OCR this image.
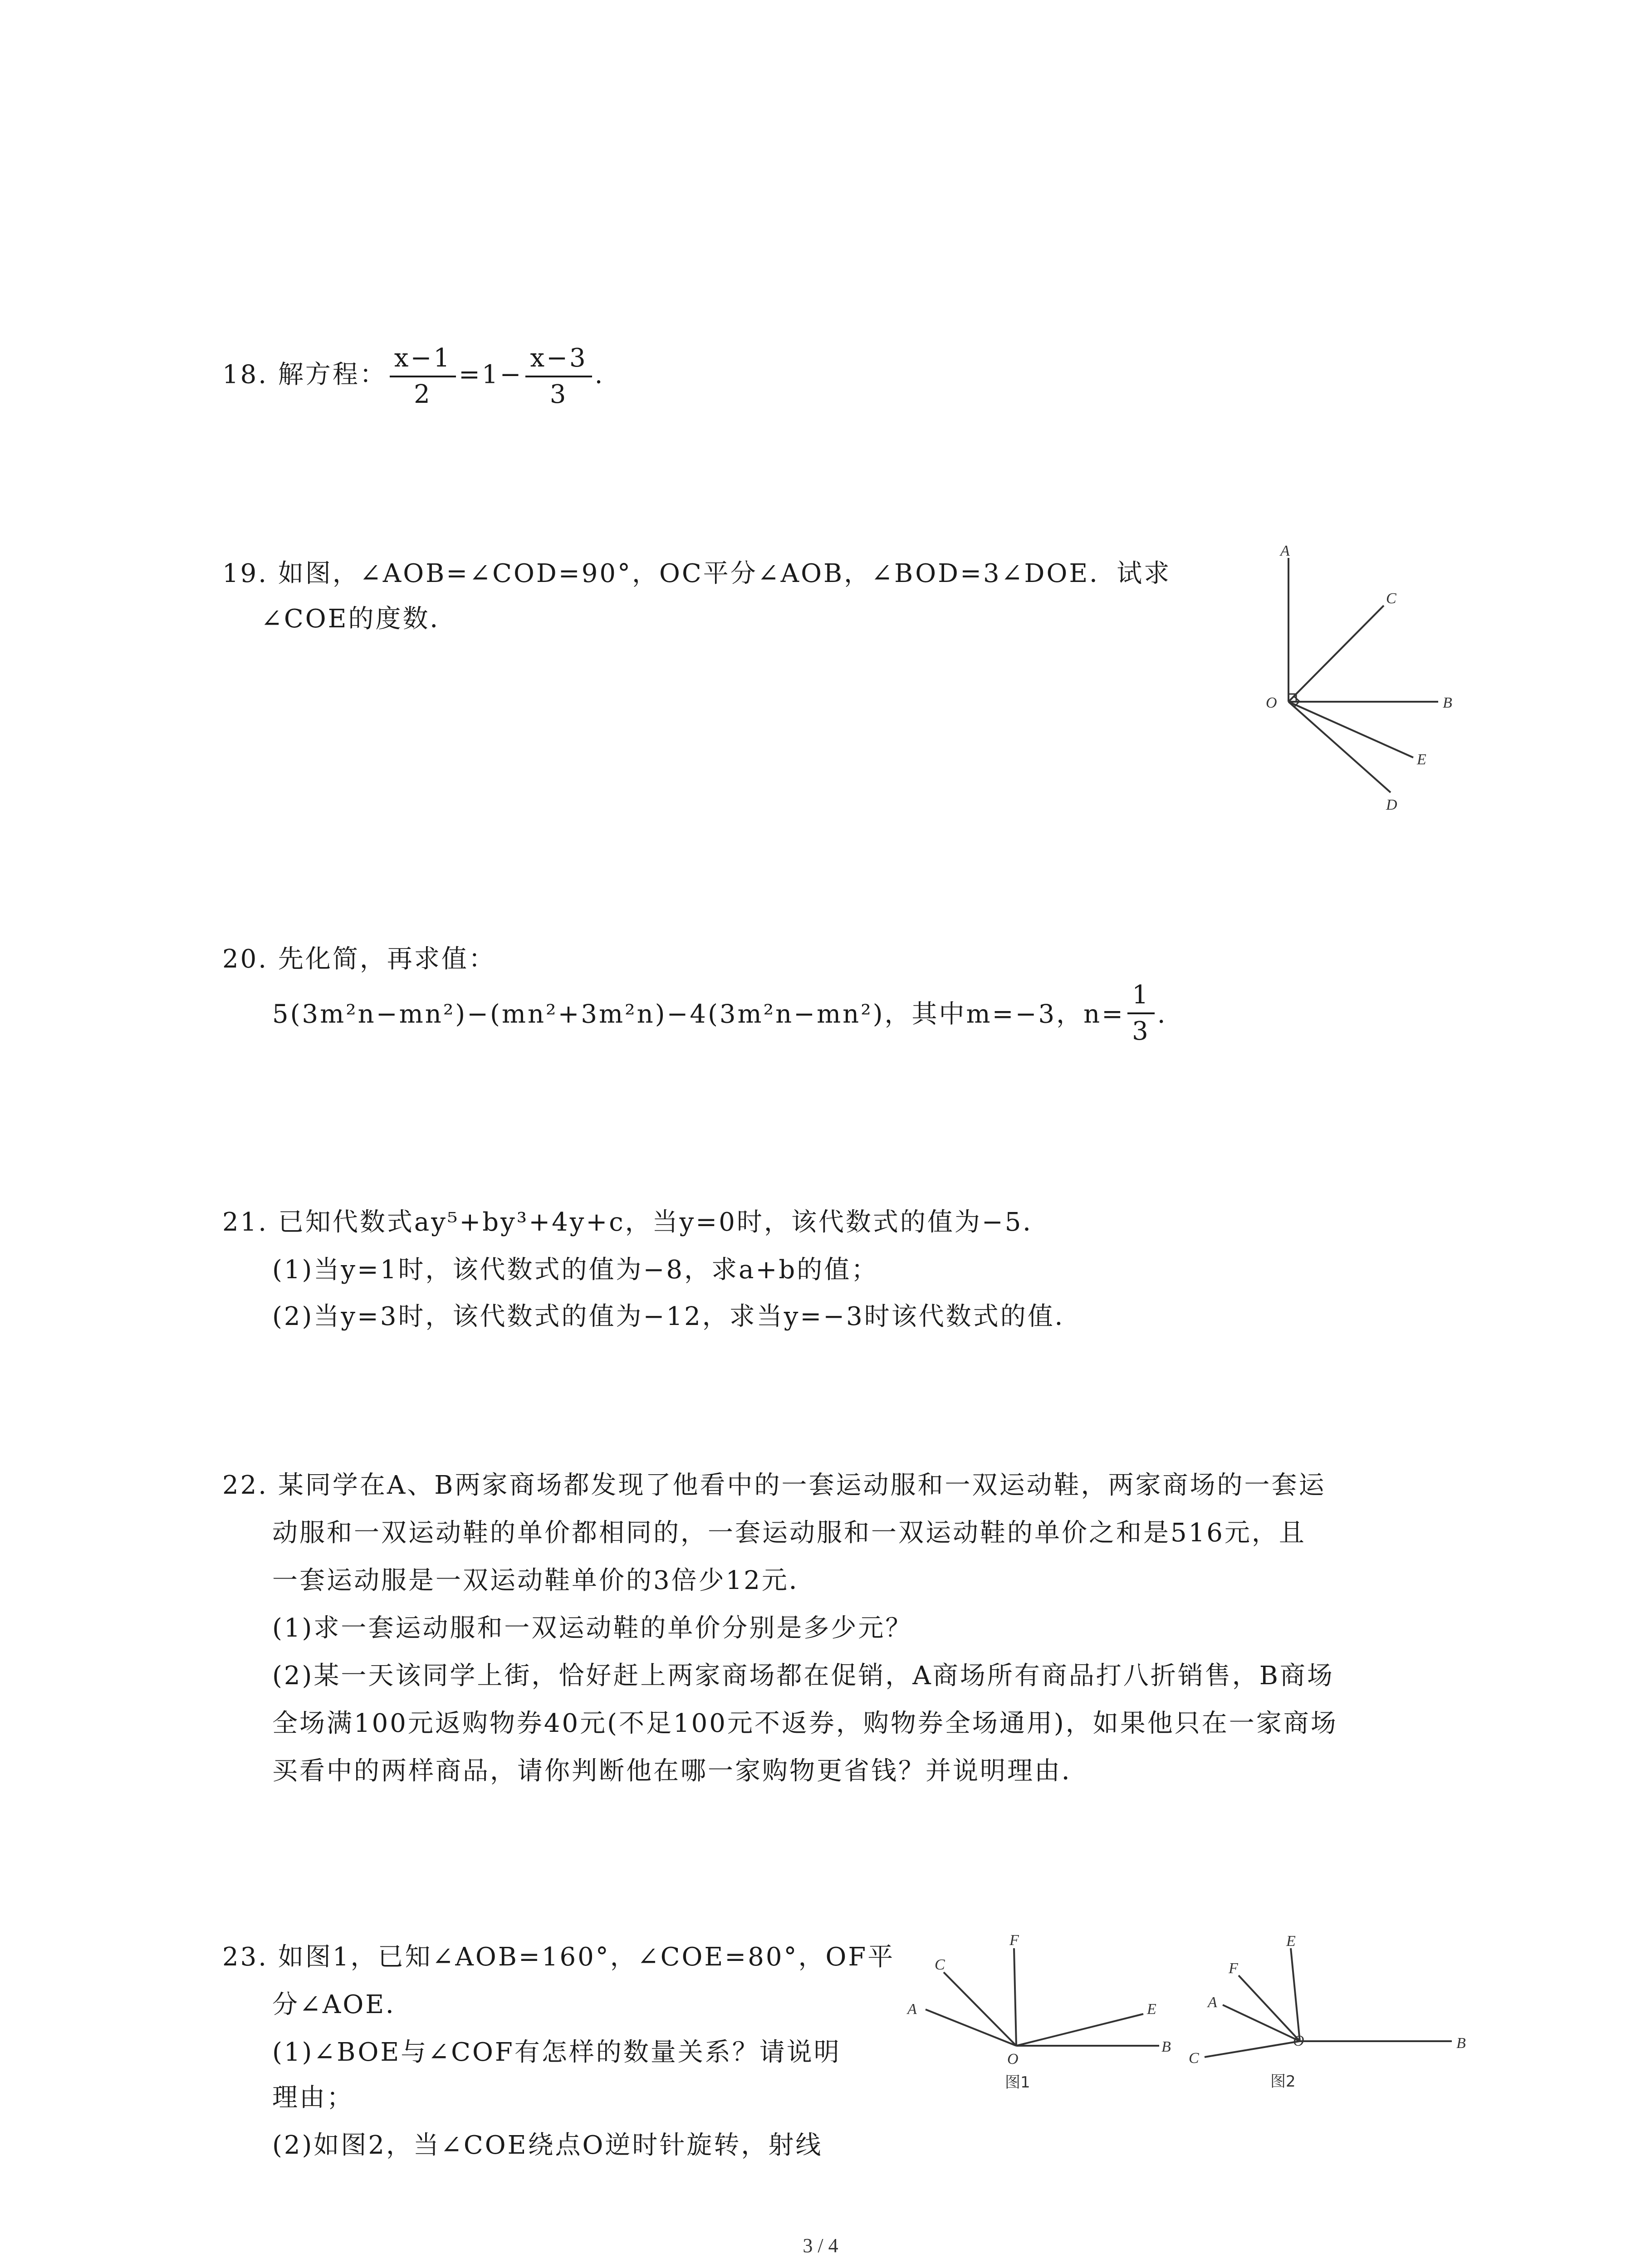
18. 解方程： $\frac{x-1}{2} =1- \frac{x-3}{3}$ .
19. 如图，∠AOB=∠COD=90°，OC平分∠AOB，∠BOD=3∠DOE．试求
∠COE的度数．
A
C
O	B
E
D
20. 先化简，再求值：
5(3m²n−mn²)−(mn²+3m²n)−4(3m²n−mn²)，其中m=−3，$n= \frac{1}{3}$ .
21. 已知代数式ay⁵+by³+4y+c，当y=0时，该代数式的值为−5．
(1)当y=1时，该代数式的值为−8，求a+b的值；
(2)当y=3时，该代数式的值为−12，求当y=−3时该代数式的值．
22. 某同学在A、B两家商场都发现了他看中的一套运动服和一双运动鞋，两家商场的一套运
动服和一双运动鞋的单价都相同的，一套运动服和一双运动鞋的单价之和是516元，且
一套运动服是一双运动鞋单价的3倍少12元．
(1)求一套运动服和一双运动鞋的单价分别是多少元？
(2)某一天该同学上街，恰好赶上两家商场都在促销，A商场所有商品打八折销售，B商场
全场满100元返购物券40元(不足100元不返券，购物券全场通用)，如果他只在一家商场
买看中的两样商品，请你判断他在哪一家购物更省钱？并说明理由．
23. 如图1，已知∠AOB=160°，∠COE=80°，OF平
分∠AOE．
(1)∠BOE与∠COF有怎样的数量关系？请说明
理由；
(2)如图2，当∠COE绕点O逆时针旋转，射线
C
F
A	E
O
B
图1
E
F
A
C
O	B
图2
3 / 4
